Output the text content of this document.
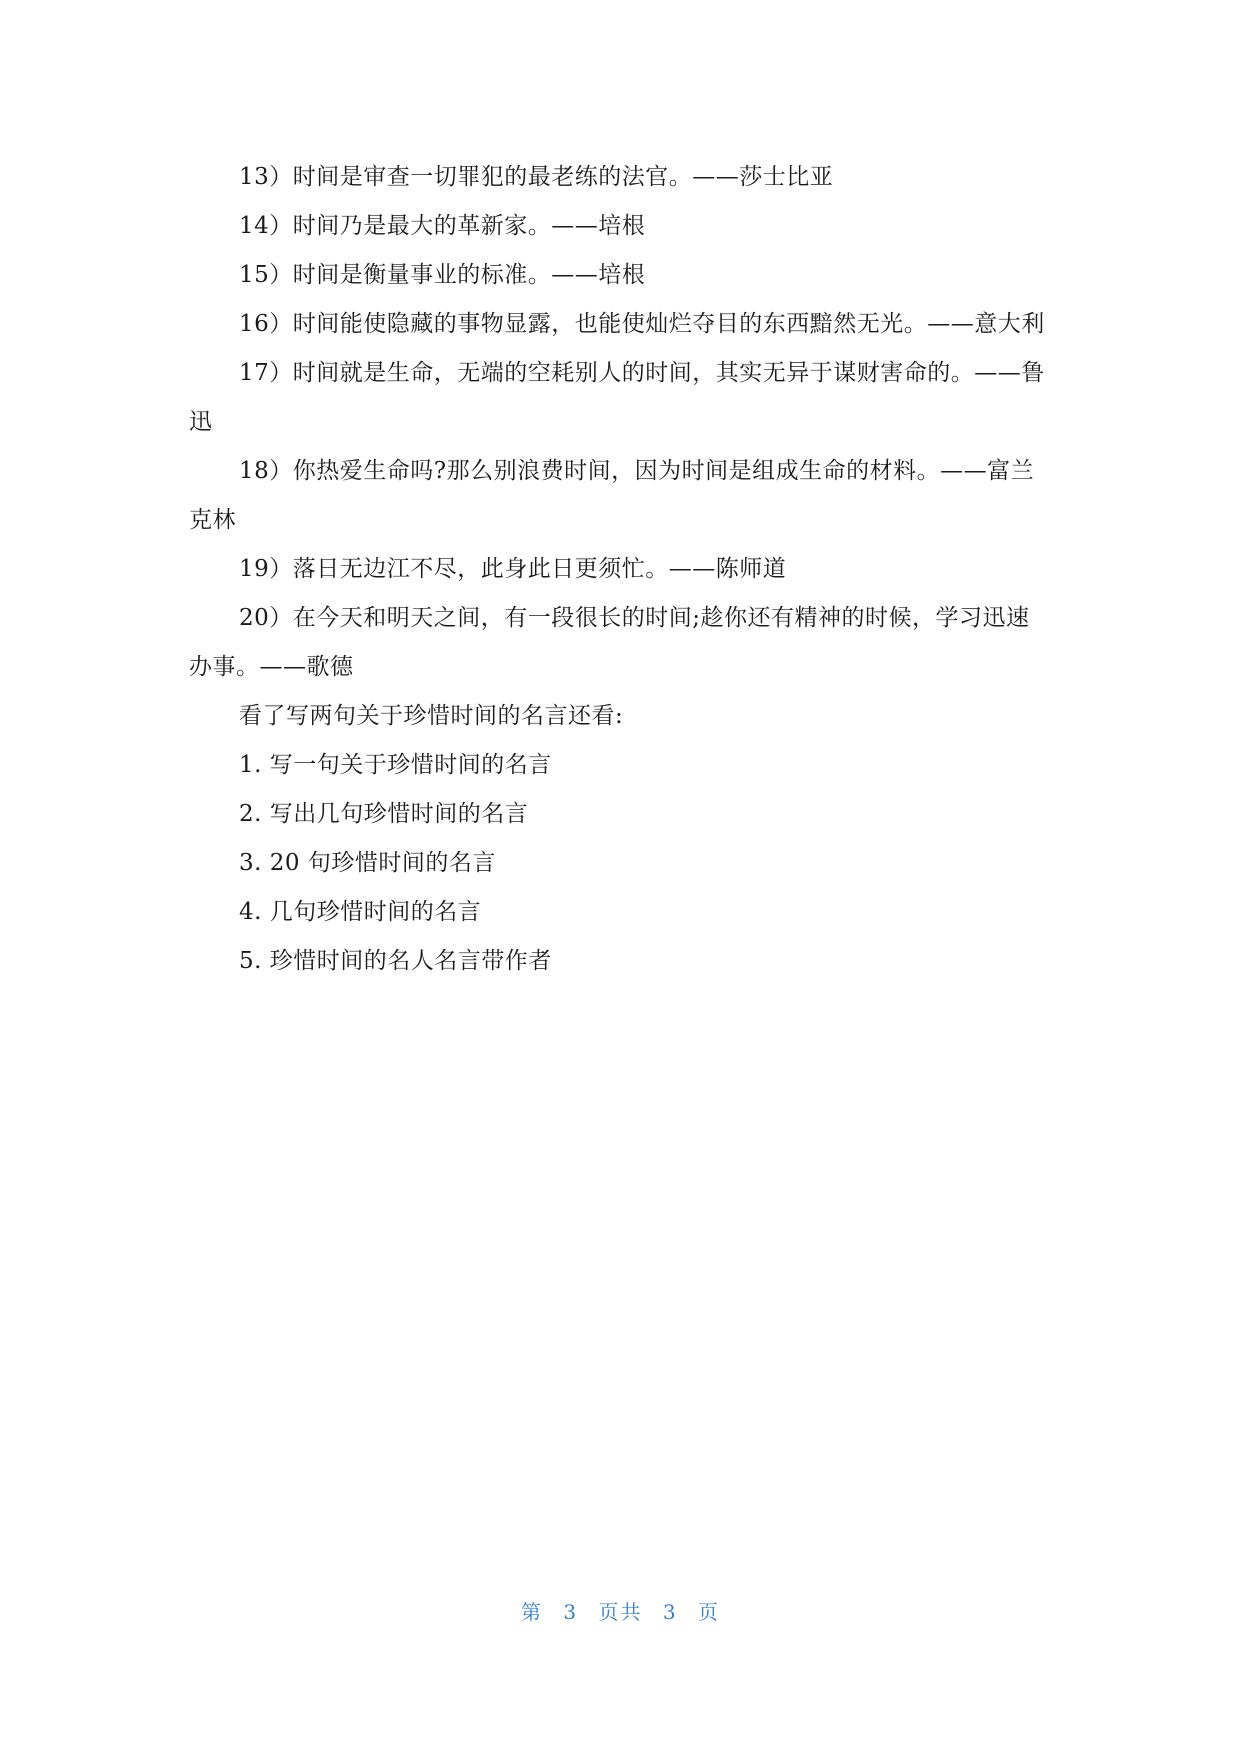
13）时间是审查一切罪犯的最老练的法官。——莎士比亚

14）时间乃是最大的革新家。——培根

15）时间是衡量事业的标准。——培根

16）时间能使隐藏的事物显露，也能使灿烂夺目的东西黯然无光。——意大利

17）时间就是生命，无端的空耗别人的时间，其实无异于谋财害命的。——鲁迅

18）你热爱生命吗?那么别浪费时间，因为时间是组成生命的材料。——富兰克林

19）落日无边江不尽，此身此日更须忙。——陈师道

20）在今天和明天之间，有一段很长的时间;趁你还有精神的时候，学习迅速办事。——歌德

看了写两句关于珍惜时间的名言还看:

1. 写一句关于珍惜时间的名言

2. 写出几句珍惜时间的名言

3. 20 句珍惜时间的名言

4. 几句珍惜时间的名言

5. 珍惜时间的名人名言带作者

第 3 页共 3 页
